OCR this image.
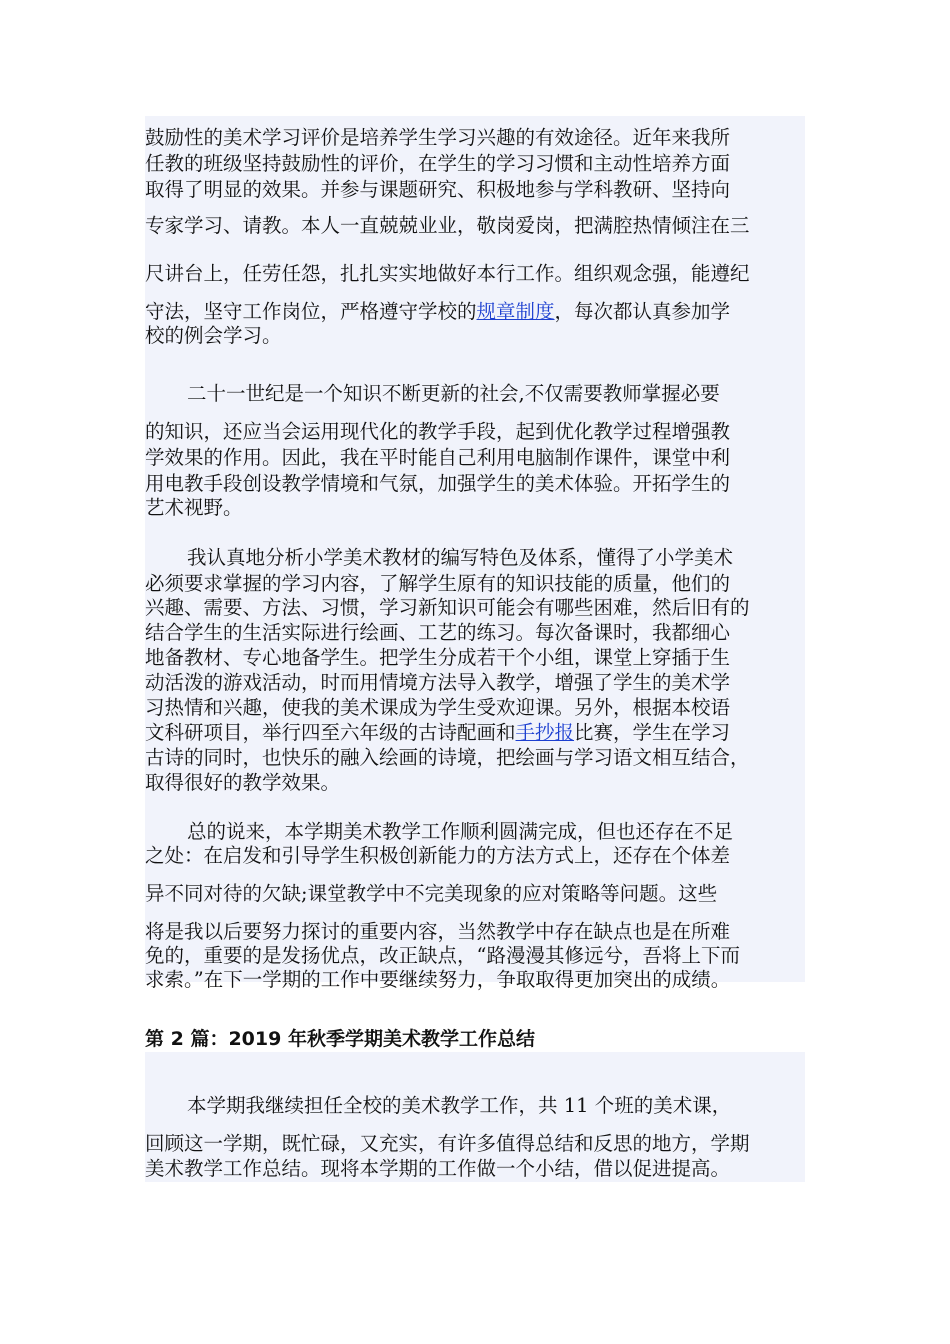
鼓励性的美术学习评价是培养学生学习兴趣的有效途径。近年来我所
任教的班级坚持鼓励性的评价，在学生的学习习惯和主动性培养方面
取得了明显的效果。并参与课题研究、积极地参与学科教研、坚持向
专家学习、请教。本人一直兢兢业业，敬岗爱岗，把满腔热情倾注在三
尺讲台上，任劳任怨，扎扎实实地做好本行工作。组织观念强，能遵纪
守法，坚守工作岗位，严格遵守学校的规章制度，每次都认真参加学
校的例会学习。
二十一世纪是一个知识不断更新的社会,不仅需要教师掌握必要
的知识，还应当会运用现代化的教学手段，起到优化教学过程增强教
学效果的作用。因此，我在平时能自己利用电脑制作课件，课堂中利
用电教手段创设教学情境和气氛，加强学生的美术体验。开拓学生的
艺术视野。
我认真地分析小学美术教材的编写特色及体系，懂得了小学美术
必须要求掌握的学习内容，了解学生原有的知识技能的质量，他们的
兴趣、需要、方法、习惯，学习新知识可能会有哪些困难，然后旧有的
结合学生的生活实际进行绘画、工艺的练习。每次备课时，我都细心
地备教材、专心地备学生。把学生分成若干个小组，课堂上穿插于生
动活泼的游戏活动，时而用情境方法导入教学，增强了学生的美术学
习热情和兴趣，使我的美术课成为学生受欢迎课。另外，根据本校语
文科研项目，举行四至六年级的古诗配画和手抄报比赛，学生在学习
古诗的同时，也快乐的融入绘画的诗境，把绘画与学习语文相互结合，
取得很好的教学效果。
总的说来，本学期美术教学工作顺利圆满完成，但也还存在不足
之处：在启发和引导学生积极创新能力的方法方式上，还存在个体差
异不同对待的欠缺;课堂教学中不完美现象的应对策略等问题。这些
将是我以后要努力探讨的重要内容，当然教学中存在缺点也是在所难
免的，重要的是发扬优点，改正缺点，“路漫漫其修远兮，吾将上下而
求索。”在下一学期的工作中要继续努力，争取取得更加突出的成绩。
第 2 篇：2019 年秋季学期美术教学工作总结
本学期我继续担任全校的美术教学工作，共 11 个班的美术课，
回顾这一学期，既忙碌，又充实，有许多值得总结和反思的地方，学期
美术教学工作总结。现将本学期的工作做一个小结，借以促进提高。
